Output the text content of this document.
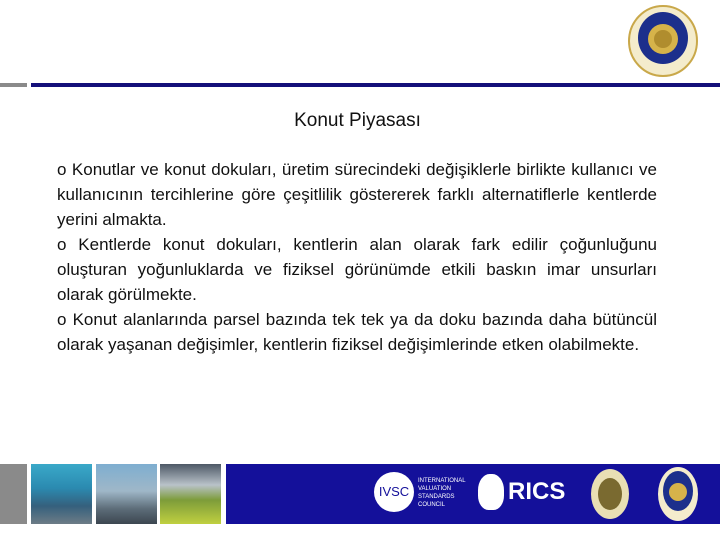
Konut Piyasası

o Konutlar ve konut dokuları, üretim sürecindeki değişiklerle birlikte kullanıcı ve kullanıcının tercihlerine göre çeşitlilik göstererek farklı alternatiflerle kentlerde yerini almakta.

o Kentlerde konut dokuları, kentlerin alan olarak fark edilir çoğunluğunu oluşturan yoğunluklarda ve fiziksel görünümde etkili baskın imar unsurları olarak görülmekte.

o Konut alanlarında parsel bazında tek tek ya da doku bazında daha bütüncül olarak yaşanan değişimler, kentlerin fiziksel değişimlerinde etken olabilmekte.

IVSC
INTERNATIONAL VALUATION STANDARDS COUNCIL	RICS
